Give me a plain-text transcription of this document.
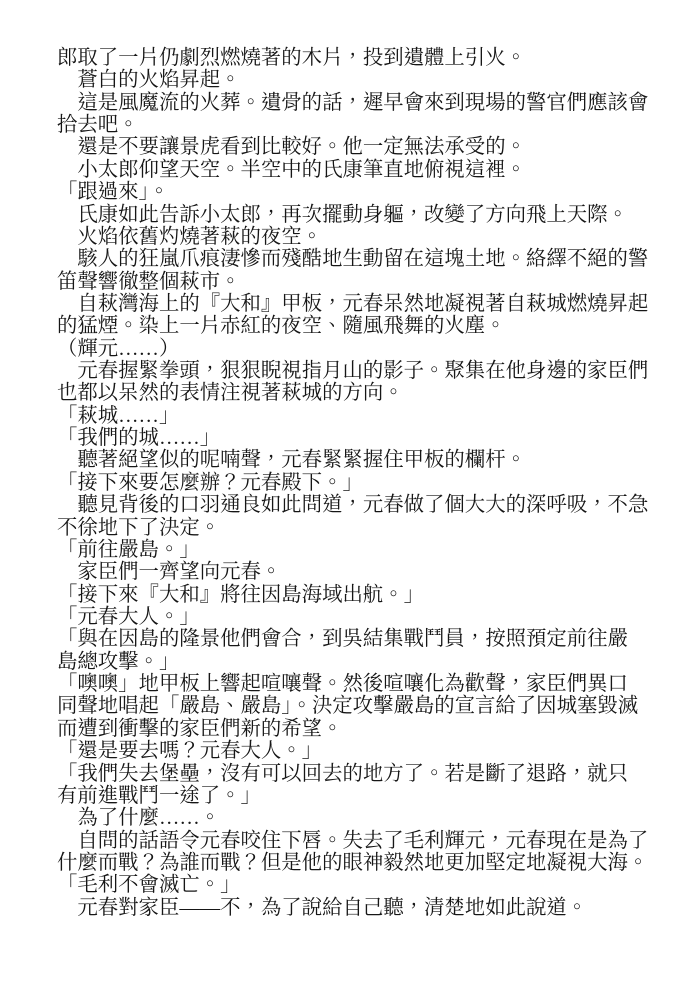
郎取了一片仍劇烈燃燒著的木片，投到遺體上引火。
　蒼白的火焰昇起。
　這是風魔流的火葬。遺骨的話，遲早會來到現場的警官們應該會
拾去吧。
　還是不要讓景虎看到比較好。他一定無法承受的。
　小太郎仰望天空。半空中的氏康筆直地俯視這裡。
「跟過來」。
　氏康如此告訴小太郎，再次擺動身軀，改變了方向飛上天際。
　火焰依舊灼燒著萩的夜空。
　駭人的狂嵐爪痕淒慘而殘酷地生動留在這塊土地。絡繹不絕的警
笛聲響徹整個萩市。
　自萩灣海上的『大和』甲板，元春呆然地凝視著自萩城燃燒昇起
的猛煙。染上一片赤紅的夜空、隨風飛舞的火塵。
（輝元……）
　元春握緊拳頭，狠狠睨視指月山的影子。聚集在他身邊的家臣們
也都以呆然的表情注視著萩城的方向。
「萩城……」
「我們的城……」
　聽著絕望似的呢喃聲，元春緊緊握住甲板的欄杆。
「接下來要怎麼辦？元春殿下。」
　聽見背後的口羽通良如此問道，元春做了個大大的深呼吸，不急
不徐地下了決定。
「前往嚴島。」
　家臣們一齊望向元春。
「接下來『大和』將往因島海域出航。」
「元春大人。」
「與在因島的隆景他們會合，到吳結集戰鬥員，按照預定前往嚴
島總攻擊。」
「噢噢」地甲板上響起喧嚷聲。然後喧嚷化為歡聲，家臣們異口
同聲地唱起「嚴島、嚴島」。決定攻擊嚴島的宣言給了因城塞毀滅
而遭到衝擊的家臣們新的希望。
「還是要去嗎？元春大人。」
「我們失去堡壘，沒有可以回去的地方了。若是斷了退路，就只
有前進戰鬥一途了。」
　為了什麼……。
　自問的話語令元春咬住下唇。失去了毛利輝元，元春現在是為了
什麼而戰？為誰而戰？但是他的眼神毅然地更加堅定地凝視大海。
「毛利不會滅亡。」
　元春對家臣——不，為了說給自己聽，清楚地如此說道。
